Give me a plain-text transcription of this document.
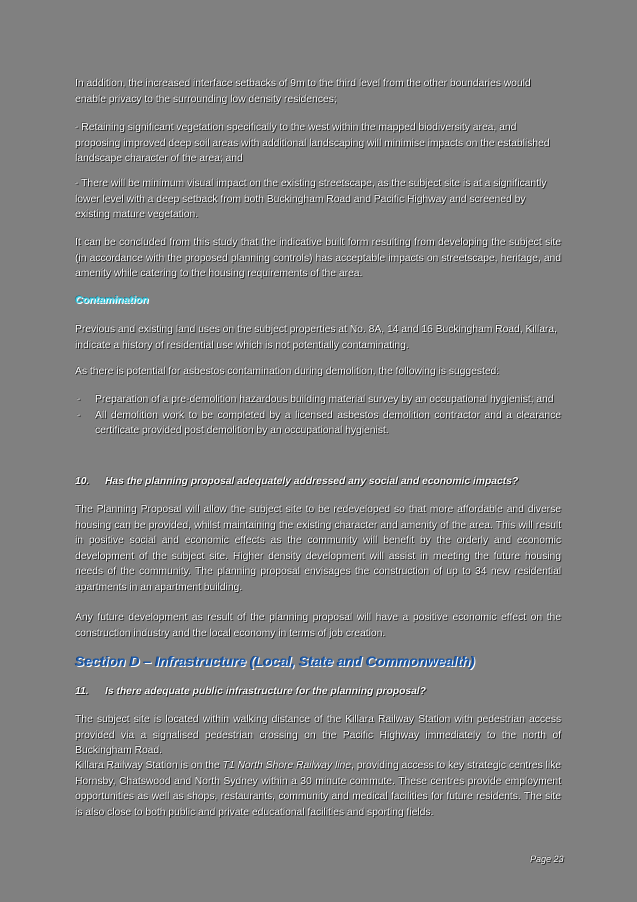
In addition, the increased interface setbacks of 9m to the third level from the other boundaries would enable privacy to the surrounding low density residences;

- Retaining significant vegetation specifically to the west within the mapped biodiversity area, and proposing improved deep soil areas with additional landscaping will minimise impacts on the established landscape character of the area; and

- There will be minimum visual impact on the existing streetscape, as the subject site is at a significantly lower level with a deep setback from both Buckingham Road and Pacific Highway and screened by existing mature vegetation.

It can be concluded from this study that the indicative built form resulting from developing the subject site (in accordance with the proposed planning controls) has acceptable impacts on streetscape, heritage, and amenity while catering to the housing requirements of the area.

Contamination

Previous and existing land uses on the subject properties at No. 8A, 14 and 16 Buckingham Road, Killara, indicate a history of residential use which is not potentially contaminating.

As there is potential for asbestos contamination during demolition, the following is suggested:

- Preparation of a pre-demolition hazardous building material survey by an occupational hygienist; and
- All demolition work to be completed by a licensed asbestos demolition contractor and a clearance certificate provided post demolition by an occupational hygienist.
10. Has the planning proposal adequately addressed any social and economic impacts?

The Planning Proposal will allow the subject site to be redeveloped so that more affordable and diverse housing can be provided, whilst maintaining the existing character and amenity of the area. This will result in positive social and economic effects as the community will benefit by the orderly and economic development of the subject site. Higher density development will assist in meeting the future housing needs of the community. The planning proposal envisages the construction of up to 34 new residential apartments in an apartment building.

Any future development as result of the planning proposal will have a positive economic effect on the construction industry and the local economy in terms of job creation.

Section D – Infrastructure (Local, State and Commonwealth)
11. Is there adequate public infrastructure for the planning proposal?

The subject site is located within walking distance of the Killara Railway Station with pedestrian access provided via a signalised pedestrian crossing on the Pacific Highway immediately to the north of Buckingham Road.

Killara Railway Station is on the T1 North Shore Railway line, providing access to key strategic centres like Hornsby, Chatswood and North Sydney within a 30 minute commute. These centres provide employment opportunities as well as shops, restaurants, community and medical facilities for future residents. The site is also close to both public and private educational facilities and sporting fields.

Page 23
